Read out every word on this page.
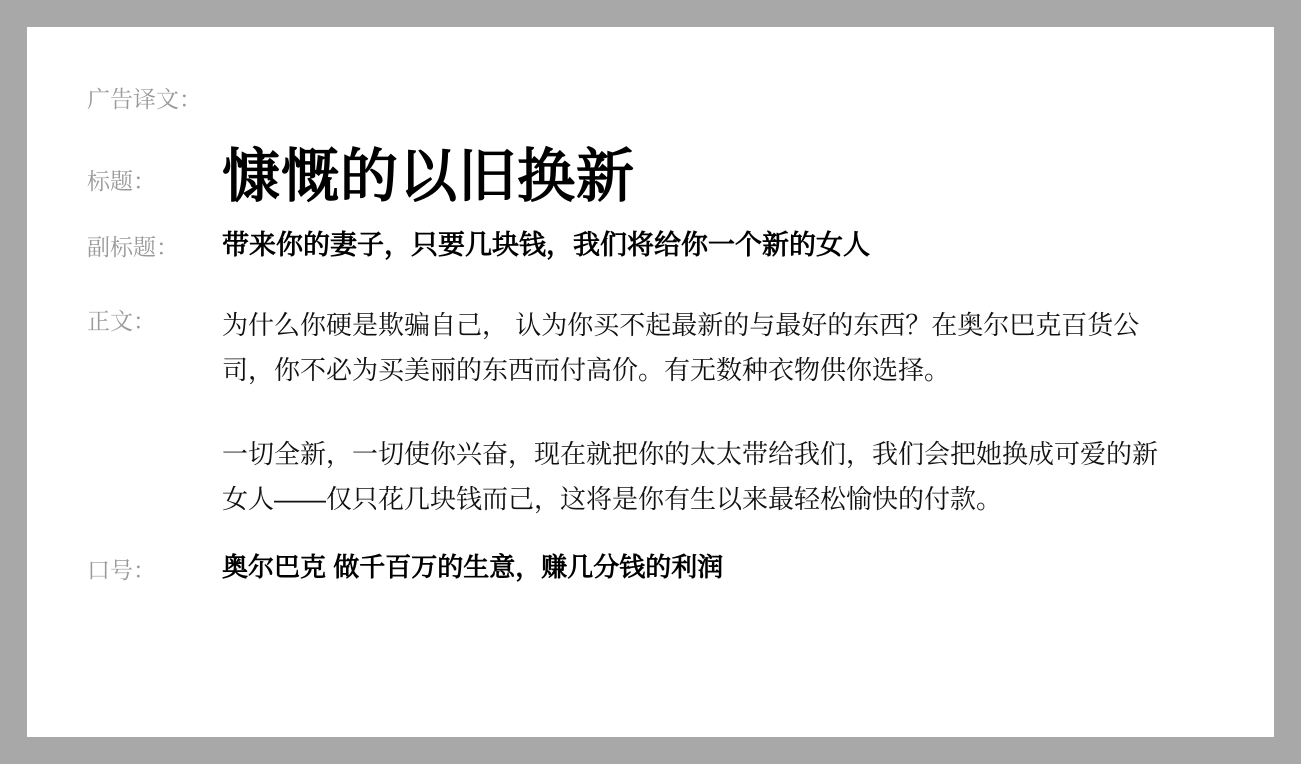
广告译文：
标题：	慷慨的以旧换新
副标题：	带来你的妻子，只要几块钱，我们将给你一个新的女人
正文：	为什么你硬是欺骗自己， 认为你买不起最新的与最好的东西？在奥尔巴克百货公司，你不必为买美丽的东西而付高价。有无数种衣物供你选择。
一切全新，一切使你兴奋，现在就把你的太太带给我们，我们会把她换成可爱的新女人——仅只花几块钱而己，这将是你有生以来最轻松愉快的付款。
口号：	奥尔巴克 做千百万的生意，赚几分钱的利润
